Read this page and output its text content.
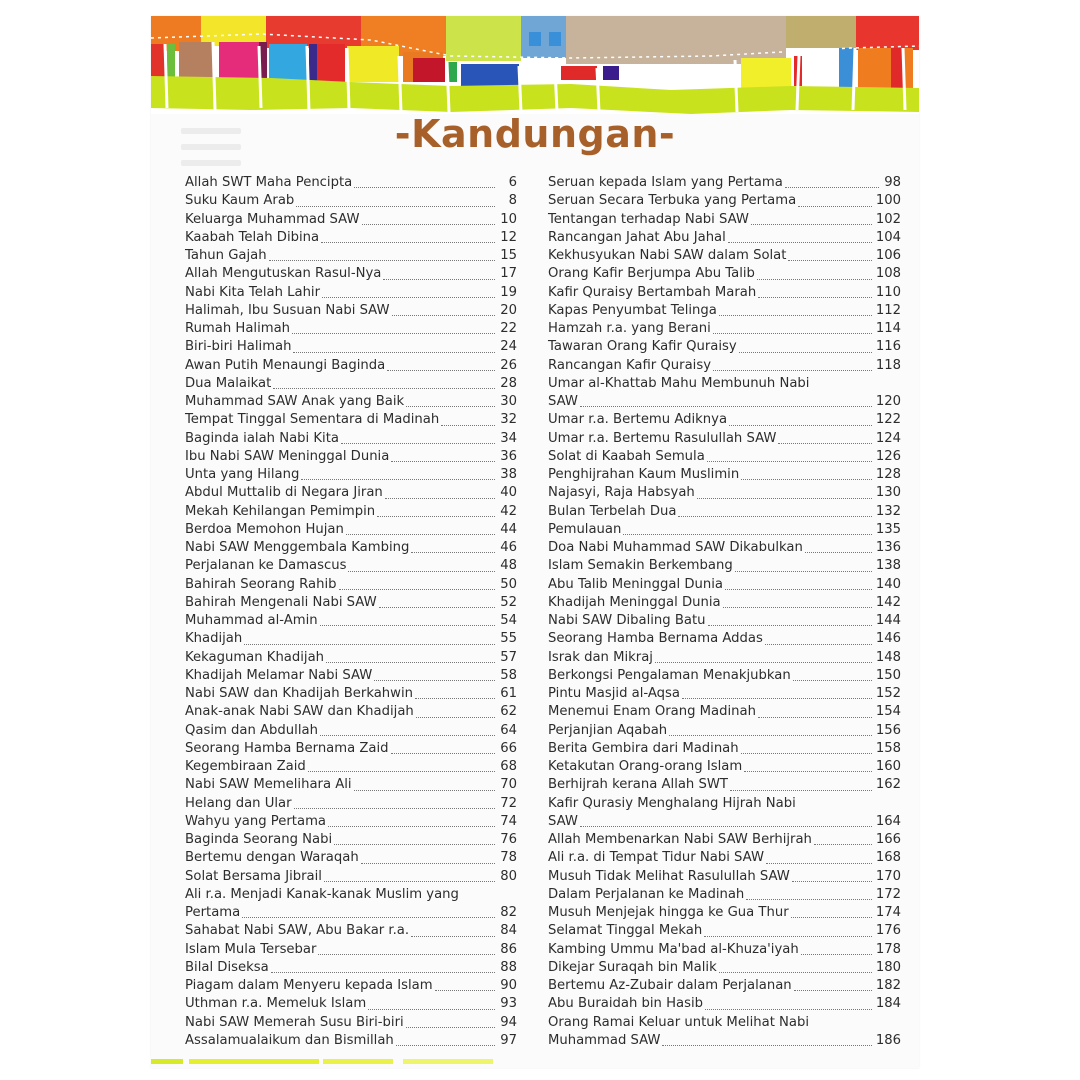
-Kandungan-
Allah SWT Maha Pencipta	6
Suku Kaum Arab	8
Keluarga Muhammad SAW	10
Kaabah Telah Dibina	12
Tahun Gajah	15
Allah Mengutuskan Rasul-Nya	17
Nabi Kita Telah Lahir	19
Halimah, Ibu Susuan Nabi SAW	20
Rumah Halimah	22
Biri-biri Halimah	24
Awan Putih Menaungi Baginda	26
Dua Malaikat	28
Muhammad SAW Anak yang Baik	30
Tempat Tinggal Sementara di Madinah	32
Baginda ialah Nabi Kita	34
Ibu Nabi SAW Meninggal Dunia	36
Unta yang Hilang	38
Abdul Muttalib di Negara Jiran	40
Mekah Kehilangan Pemimpin	42
Berdoa Memohon Hujan	44
Nabi SAW Menggembala Kambing	46
Perjalanan ke Damascus	48
Bahirah Seorang Rahib	50
Bahirah Mengenali Nabi SAW	52
Muhammad al-Amin	54
Khadijah	55
Kekaguman Khadijah	57
Khadijah Melamar Nabi SAW	58
Nabi SAW dan Khadijah Berkahwin	61
Anak-anak Nabi SAW dan Khadijah	62
Qasim dan Abdullah	64
Seorang Hamba Bernama Zaid	66
Kegembiraan Zaid	68
Nabi SAW Memelihara Ali	70
Helang dan Ular	72
Wahyu yang Pertama	74
Baginda Seorang Nabi	76
Bertemu dengan Waraqah	78
Solat Bersama Jibrail	80
Ali r.a. Menjadi Kanak-kanak Muslim yang
Pertama	82
Sahabat Nabi SAW, Abu Bakar r.a.	84
Islam Mula Tersebar	86
Bilal Diseksa	88
Piagam dalam Menyeru kepada Islam	90
Uthman r.a. Memeluk Islam	93
Nabi SAW Memerah Susu Biri-biri	94
Assalamualaikum dan Bismillah	97
Seruan kepada Islam yang Pertama	98
Seruan Secara Terbuka yang Pertama	100
Tentangan terhadap Nabi SAW	102
Rancangan Jahat Abu Jahal	104
Kekhusyukan Nabi SAW dalam Solat	106
Orang Kafir Berjumpa Abu Talib	108
Kafir Quraisy Bertambah Marah	110
Kapas Penyumbat Telinga	112
Hamzah r.a. yang Berani	114
Tawaran Orang Kafir Quraisy	116
Rancangan Kafir Quraisy	118
Umar al-Khattab Mahu Membunuh Nabi
SAW	120
Umar r.a. Bertemu Adiknya	122
Umar r.a. Bertemu Rasulullah SAW	124
Solat di Kaabah Semula	126
Penghijrahan Kaum Muslimin	128
Najasyi, Raja Habsyah	130
Bulan Terbelah Dua	132
Pemulauan	135
Doa Nabi Muhammad SAW Dikabulkan	136
Islam Semakin Berkembang	138
Abu Talib Meninggal Dunia	140
Khadijah Meninggal Dunia	142
Nabi SAW Dibaling Batu	144
Seorang Hamba Bernama Addas	146
Israk dan Mikraj	148
Berkongsi Pengalaman Menakjubkan	150
Pintu Masjid al-Aqsa	152
Menemui Enam Orang Madinah	154
Perjanjian Aqabah	156
Berita Gembira dari Madinah	158
Ketakutan Orang-orang Islam	160
Berhijrah kerana Allah SWT	162
Kafir Qurasiy Menghalang Hijrah Nabi
SAW	164
Allah Membenarkan Nabi SAW Berhijrah	166
Ali r.a. di Tempat Tidur Nabi SAW	168
Musuh Tidak Melihat Rasulullah SAW	170
Dalam Perjalanan ke Madinah	172
Musuh Menjejak hingga ke Gua Thur	174
Selamat Tinggal Mekah	176
Kambing Ummu Ma'bad al-Khuza'iyah	178
Dikejar Suraqah bin Malik	180
Bertemu Az-Zubair dalam Perjalanan	182
Abu Buraidah bin Hasib	184
Orang Ramai Keluar untuk Melihat Nabi
Muhammad SAW	186
